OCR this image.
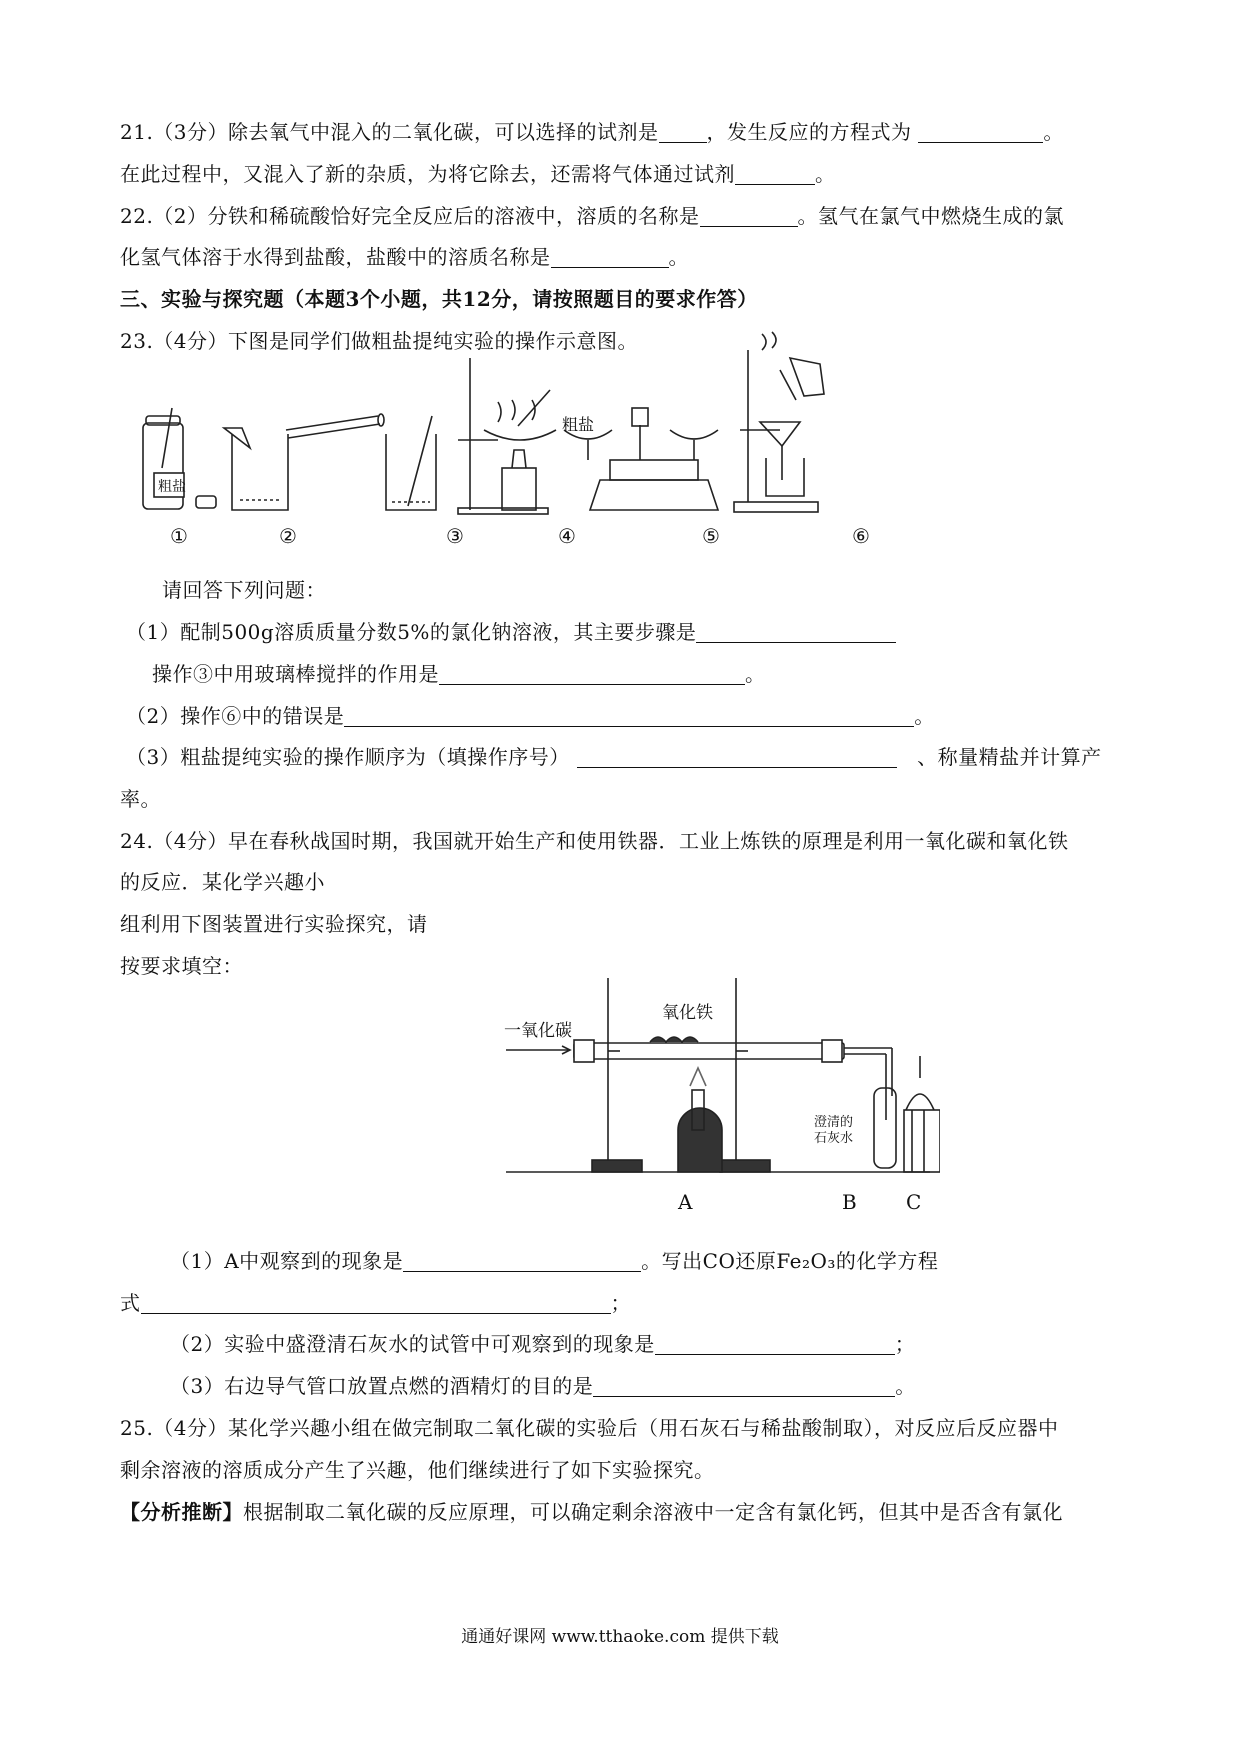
21.（3分）除去氧气中混入的二氧化碳，可以选择的试剂是 ，发生反应的方程式为	。
在此过程中，又混入了新的杂质，为将它除去，还需将气体通过试剂	。
22.（2）分铁和稀硫酸恰好完全反应后的溶液中，溶质的名称是	。氢气在氯气中燃烧生成的氯
化氢气体溶于水得到盐酸，盐酸中的溶质名称是	。
三、实验与探究题（本题3个小题，共12分，请按照题目的要求作答）
23.（4分）下图是同学们做粗盐提纯实验的操作示意图。
粗盐
粗盐
①	②	③	④	⑤	⑥
请回答下列问题：
（1）配制500g溶质质量分数5%的氯化钠溶液，其主要步骤是
操作③中用玻璃棒搅拌的作用是	。
（2）操作⑥中的错误是	。
（3）粗盐提纯实验的操作顺序为（填操作序号）	、称量精盐并计算产
率。
24.（4分）早在春秋战国时期，我国就开始生产和使用铁器．工业上炼铁的原理是利用一氧化碳和氧化铁
的反应．某化学兴趣小
组利用下图装置进行实验探究，请
按要求填空：
一氧化碳
氧化铁
澄清的
石灰水
A	B C
（1）A中观察到的现象是	。写出CO还原Fe₂O₃的化学方程
式	；
（2）实验中盛澄清石灰水的试管中可观察到的现象是	；
（3）右边导气管口放置点燃的酒精灯的目的是	。
25.（4分）某化学兴趣小组在做完制取二氧化碳的实验后（用石灰石与稀盐酸制取），对反应后反应器中
剩余溶液的溶质成分产生了兴趣，他们继续进行了如下实验探究。
【分析推断】根据制取二氧化碳的反应原理，可以确定剩余溶液中一定含有氯化钙，但其中是否含有氯化
通通好课网 www.tthaoke.com 提供下载
